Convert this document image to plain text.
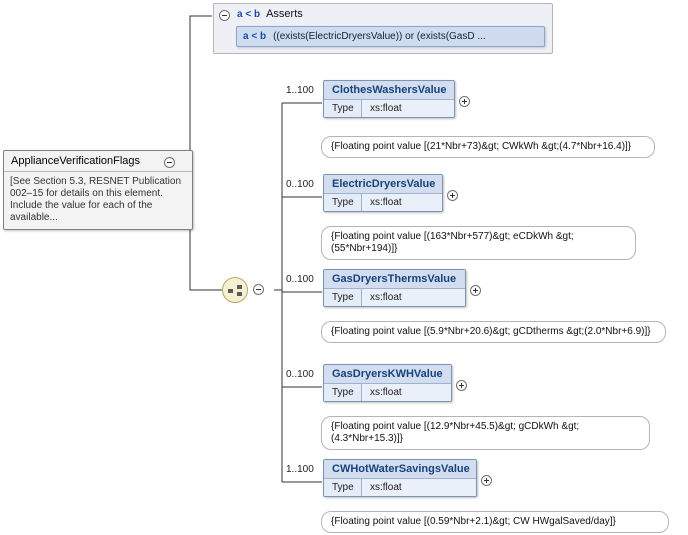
ApplianceVerificationFlags
[See Section 5.3, RESNET Publication 002–15 for details on this element. Include the value for each of the available...
a < b Asserts
a < b ((exists(ElectricDryersValue)) or (exists(GasD ...
1..100	ClothesWashersValue
Type	xs:float
{Floating point value [(21*Nbr+73)&gt; CWkWh &gt;(4.7*Nbr+16.4)]}
0..100	ElectricDryersValue
Type	xs:float
{Floating point value [(163*Nbr+577)&gt; eCDkWh &gt;(55*Nbr+194)]}
0..100	GasDryersThermsValue
Type	xs:float
{Floating point value [(5.9*Nbr+20.6)&gt; gCDtherms &gt;(2.0*Nbr+6.9)]}
0..100	GasDryersKWHValue
Type	xs:float
{Floating point value [(12.9*Nbr+45.5)&gt; gCDkWh &gt;(4.3*Nbr+15.3)]}
1..100	CWHotWaterSavingsValue
Type	xs:float
{Floating point value [(0.59*Nbr+2.1)&gt; CW HWgalSaved/day]}
